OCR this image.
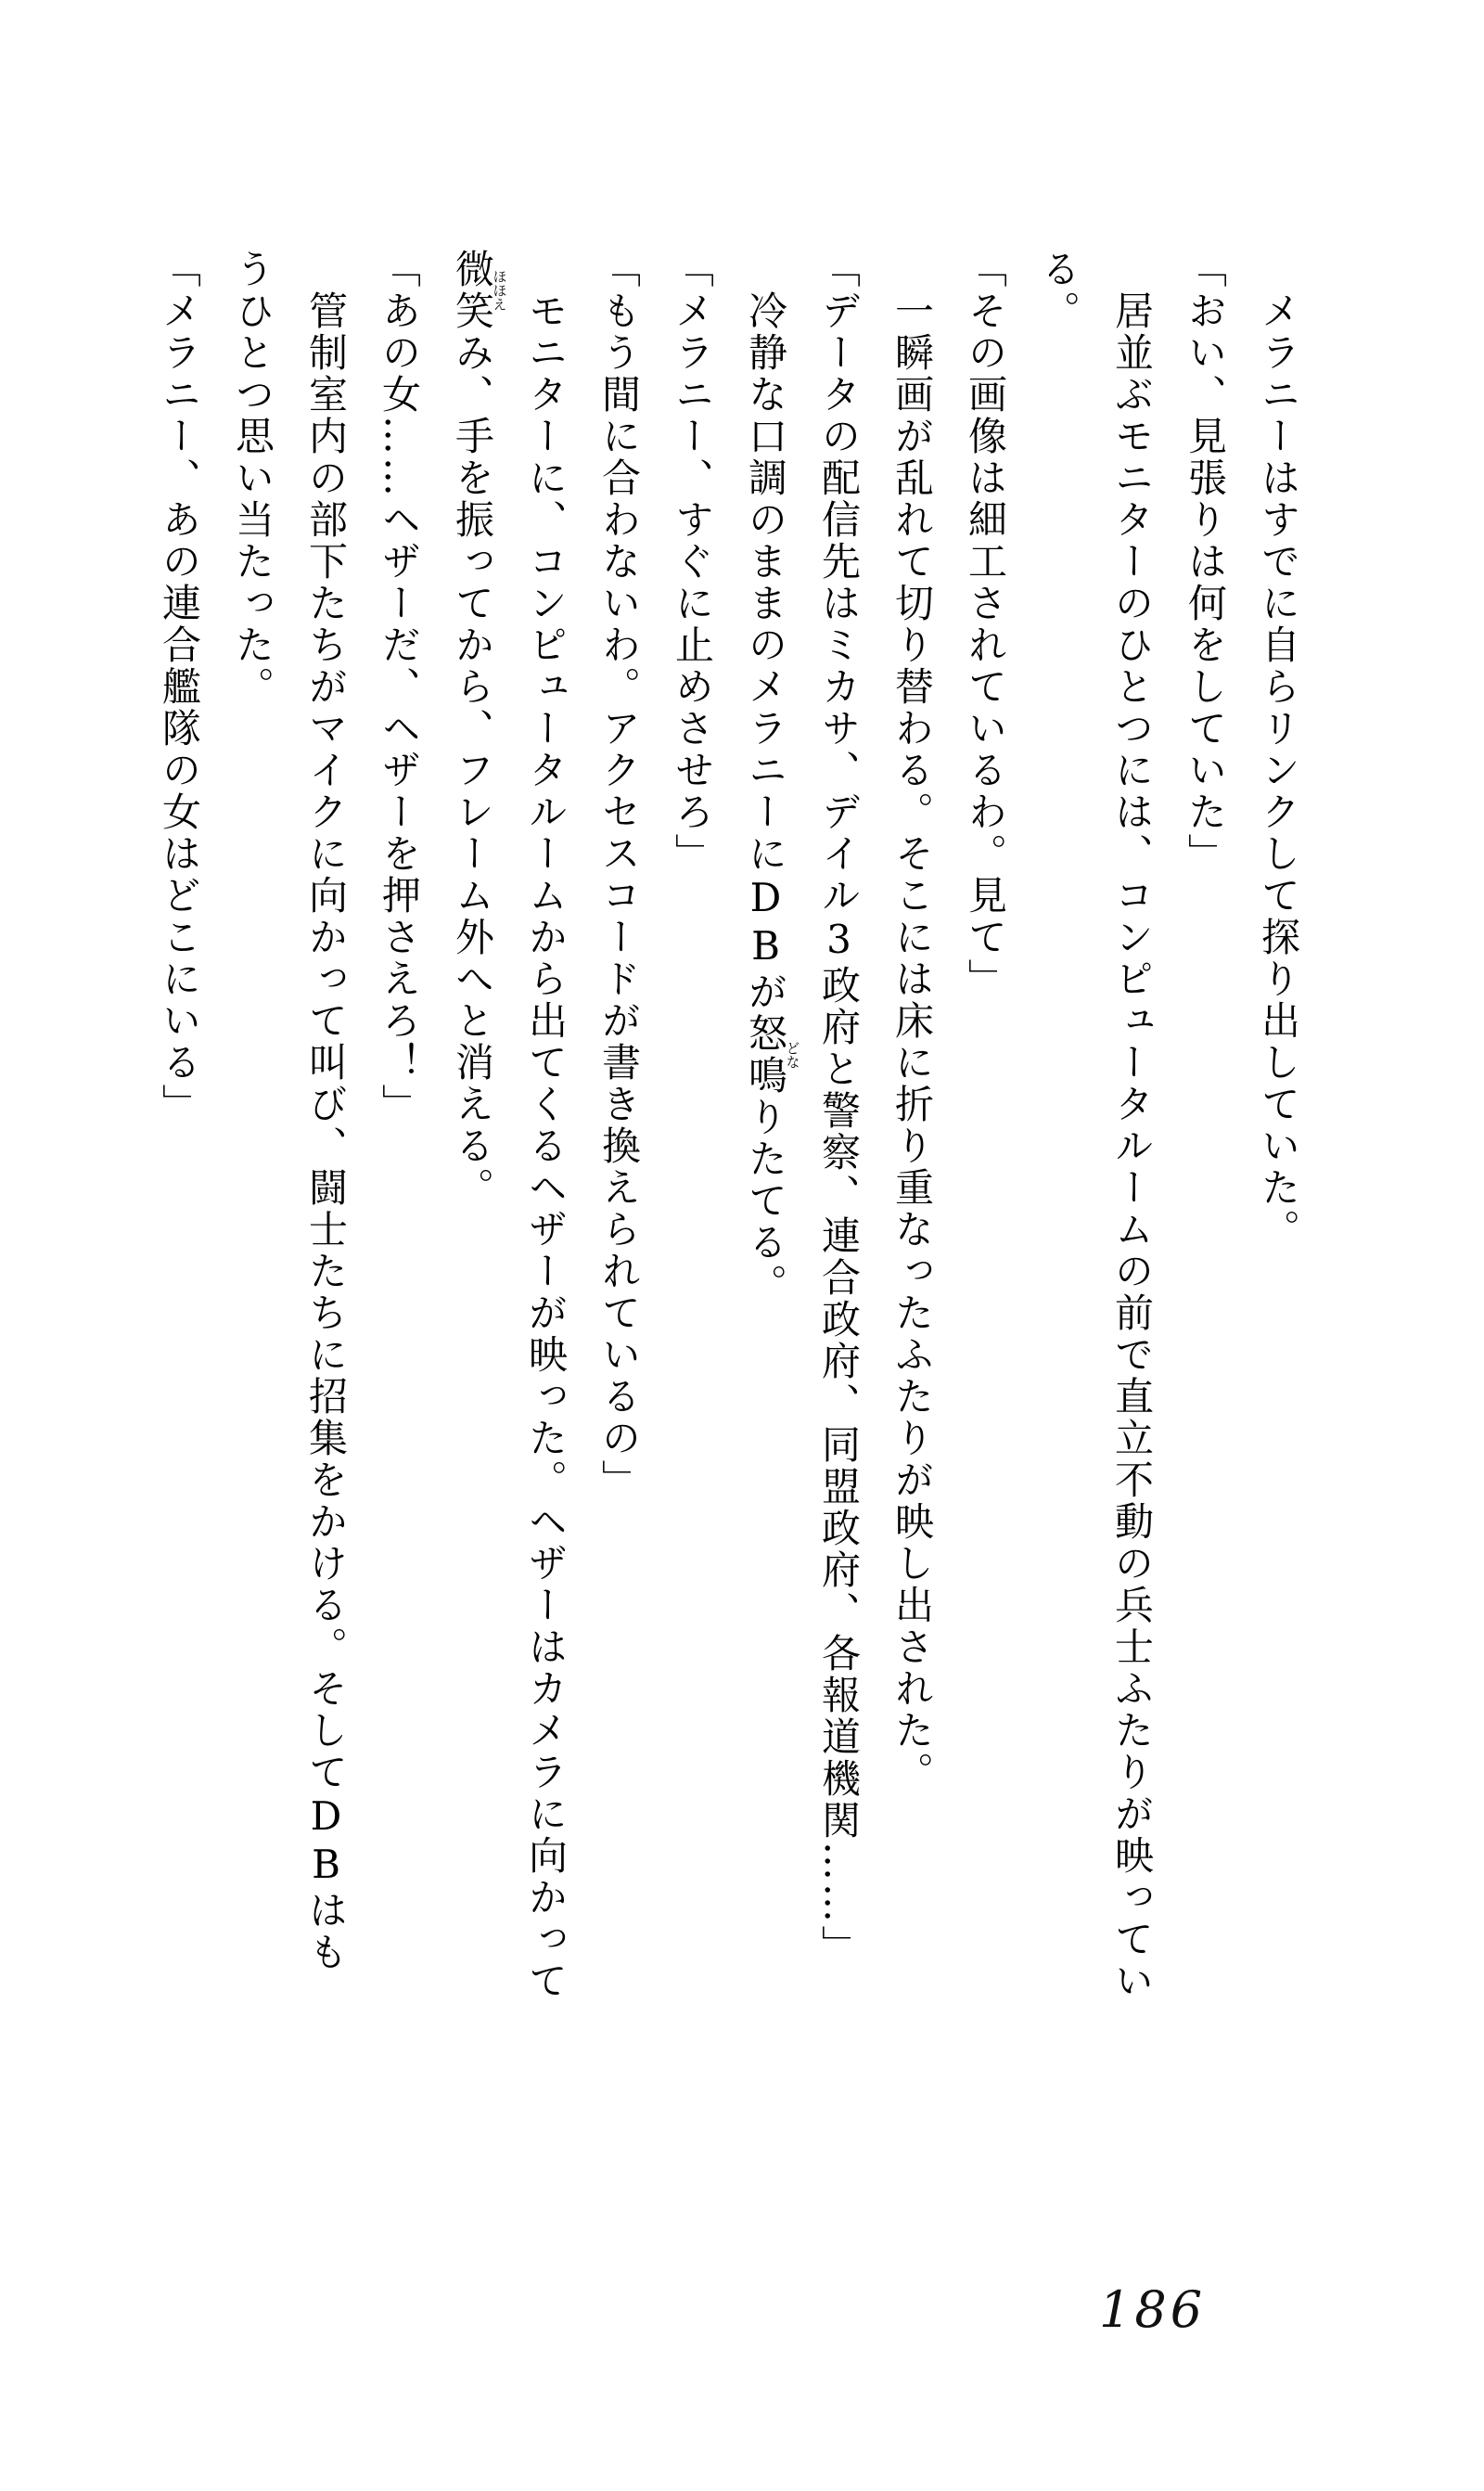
メラニーはすでに自らリンクして探り出していた。

「おい、見張りは何をしていた」

居並ぶモニターのひとつには、コンピュータルームの前で直立不動の兵士ふたりが映っている。

「その画像は細工されているわ。見て」

一瞬画が乱れて切り替わる。そこには床に折り重なったふたりが映し出された。

「データの配信先はミカサ、デイル3政府と警察、連合政府、同盟政府、各報道機関……」

冷静な口調のままのメラニーにDBが怒鳴どなりたてる。

「メラニー、すぐに止めさせろ」

「もう間に合わないわ。アクセスコードが書き換えられているの」

モニターに、コンピュータルームから出てくるヘザーが映った。ヘザーはカメラに向かって微笑ほほえみ、手を振ってから、フレーム外へと消える。

「あの女……ヘザーだ、ヘザーを押さえろ！」

管制室内の部下たちがマイクに向かって叫び、闘士たちに招集をかける。そしてDBはもうひとつ思い当たった。

「メラニー、あの連合艦隊の女はどこにいる」

186
